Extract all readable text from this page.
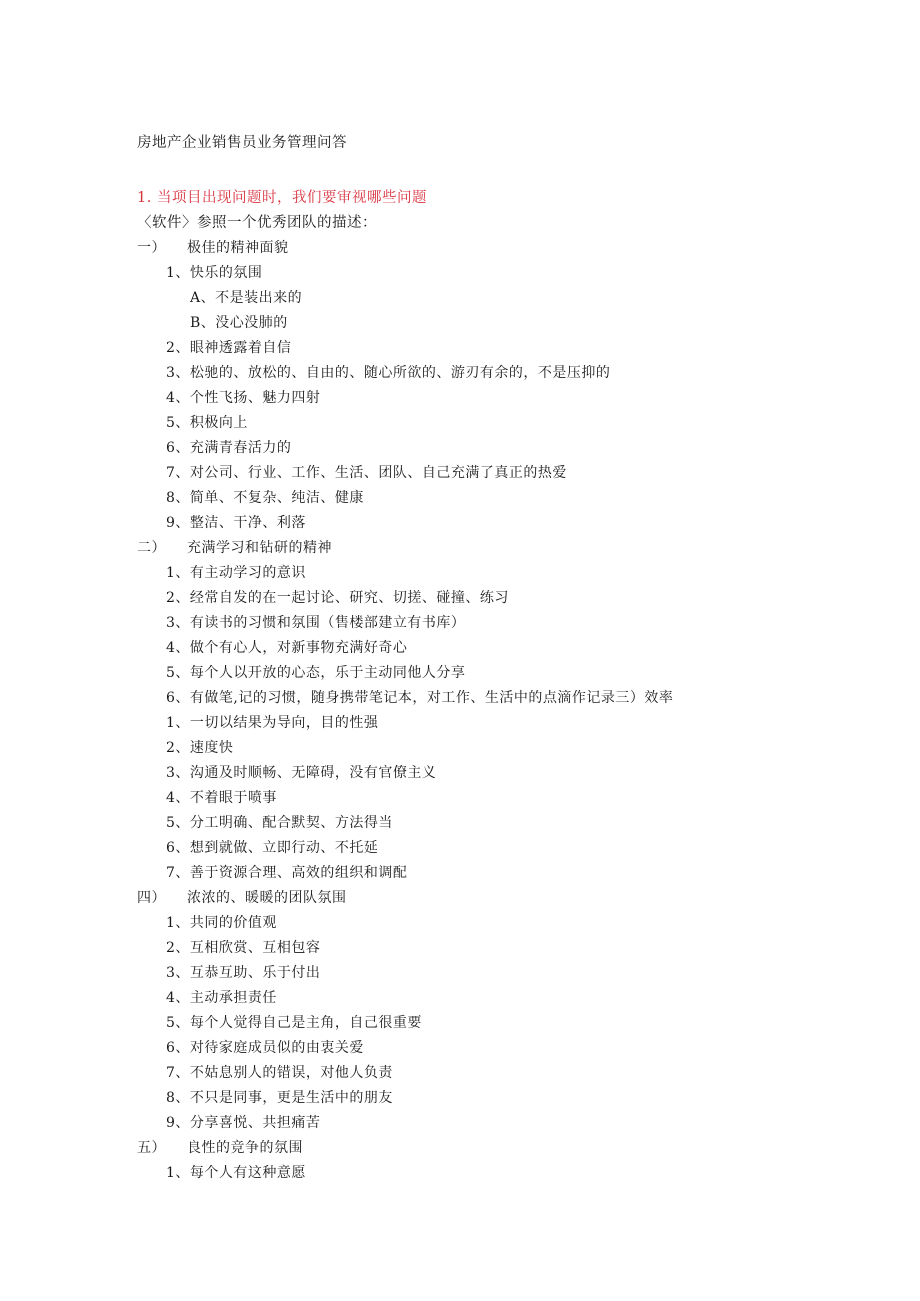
房地产企业销售员业务管理问答
1. 当项目出现问题时，我们要审视哪些问题
〈软件〉参照一个优秀团队的描述：
一） 极佳的精神面貌
1、快乐的氛围
A、不是装出来的
B、没心没肺的
2、眼神透露着自信
3、松驰的、放松的、自由的、随心所欲的、游刃有余的，不是压抑的
4、个性飞扬、魅力四射
5、积极向上
6、充满青春活力的
7、对公司、行业、工作、生活、团队、自己充满了真正的热爱
8、简单、不复杂、纯洁、健康
9、整洁、干净、利落
二） 充满学习和钻研的精神
1、有主动学习的意识
2、经常自发的在一起讨论、研究、切搓、碰撞、练习
3、有读书的习惯和氛围（售楼部建立有书库）
4、做个有心人，对新事物充满好奇心
5、每个人以开放的心态，乐于主动同他人分享
6、有做笔,记的习惯，随身携带笔记本，对工作、生活中的点滴作记录三）效率
1、一切以结果为导向，目的性强
2、速度快
3、沟通及时顺畅、无障碍，没有官僚主义
4、不着眼于喷事
5、分工明确、配合默契、方法得当
6、想到就做、立即行动、不托延
7、善于资源合理、高效的组织和调配
四） 浓浓的、暖暖的团队氛围
1、共同的价值观
2、互相欣赏、互相包容
3、互恭互助、乐于付出
4、主动承担责任
5、每个人觉得自己是主角，自己很重要
6、对待家庭成员似的由衷关爱
7、不姑息别人的错误，对他人负责
8、不只是同事，更是生活中的朋友
9、分享喜悦、共担痛苦
五） 良性的竞争的氛围
1、每个人有这种意愿
